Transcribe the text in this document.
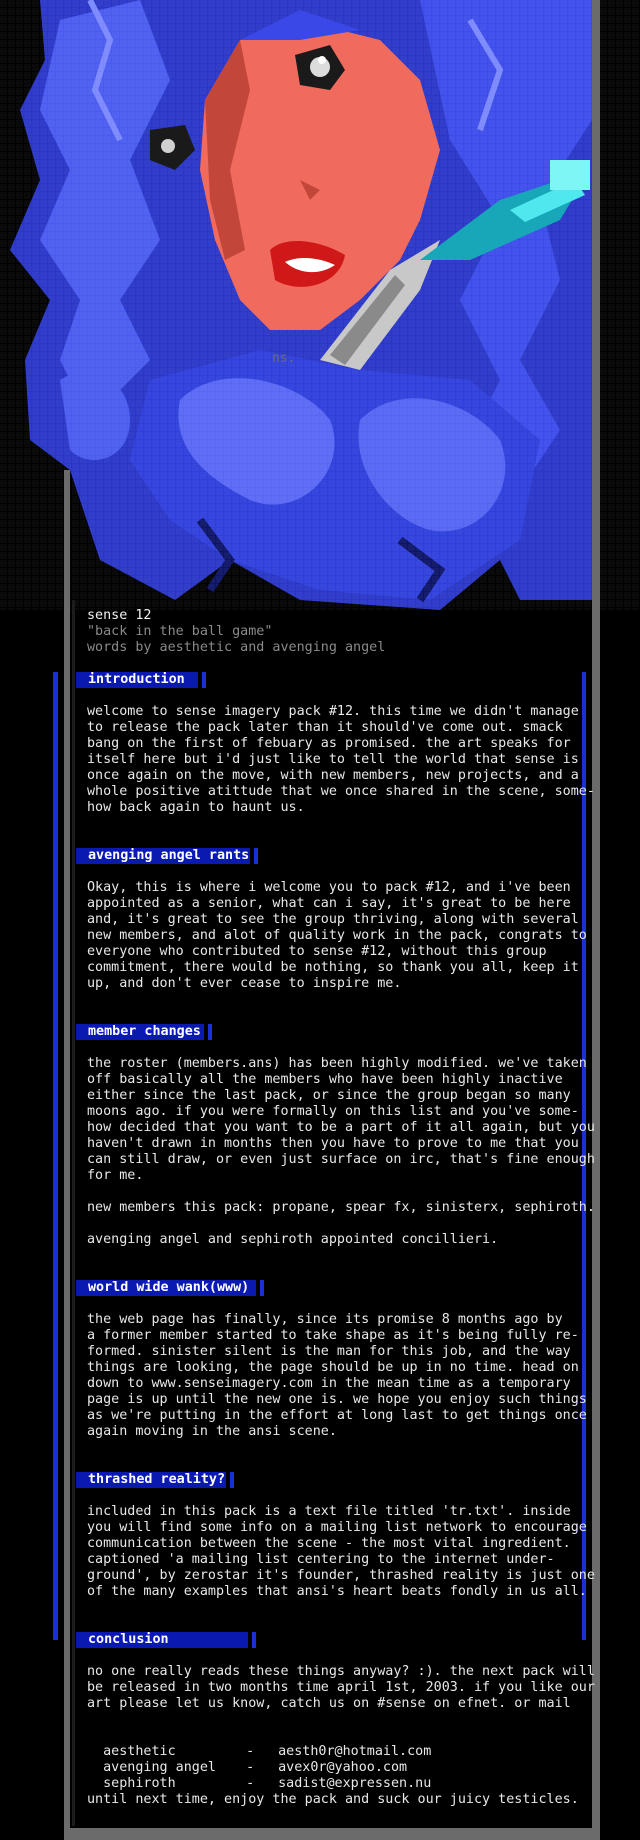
ns.
sense 12
"back in the ball game"
words by aesthetic and avenging angel
introduction
welcome to sense imagery pack #12. this time we didn't manage
to release the pack later than it should've come out. smack
bang on the first of febuary as promised. the art speaks for
itself here but i'd just like to tell the world that sense is
once again on the move, with new members, new projects, and a
whole positive atittude that we once shared in the scene, some-
how back again to haunt us.
avenging angel rants
Okay, this is where i welcome you to pack #12, and i've been
appointed as a senior, what can i say, it's great to be here
and, it's great to see the group thriving, along with several
new members, and alot of quality work in the pack, congrats to
everyone who contributed to sense #12, without this group
commitment, there would be nothing, so thank you all, keep it
up, and don't ever cease to inspire me.
member changes
the roster (members.ans) has been highly modified. we've taken
off basically all the members who have been highly inactive
either since the last pack, or since the group began so many
moons ago. if you were formally on this list and you've some-
how decided that you want to be a part of it all again, but you
haven't drawn in months then you have to prove to me that you
can still draw, or even just surface on irc, that's fine enough
for me.
new members this pack: propane, spear fx, sinisterx, sephiroth.
avenging angel and sephiroth appointed concillieri.
world wide wank(www)
the web page has finally, since its promise 8 months ago by
a former member started to take shape as it's being fully re-
formed. sinister silent is the man for this job, and the way
things are looking, the page should be up in no time. head on
down to www.senseimagery.com in the mean time as a temporary
page is up until the new one is. we hope you enjoy such things
as we're putting in the effort at long last to get things once
again moving in the ansi scene.
thrashed reality?
included in this pack is a text file titled 'tr.txt'. inside
you will find some info on a mailing list network to encourage
communication between the scene - the most vital ingredient.
captioned 'a mailing list centering to the internet under-
ground', by zerostar it's founder, thrashed reality is just one
of the many examples that ansi's heart beats fondly in us all.
conclusion
no one really reads these things anyway? :). the next pack will
be released in two months time april 1st, 2003. if you like our
art please let us know, catch us on #sense on efnet. or mail

aesthetic	- aesth0r@hotmail.com

avenging angel - avex0r@yahoo.com

sephiroth	- sadist@expressen.nu

until next time, enjoy the pack and suck our juicy testicles.
